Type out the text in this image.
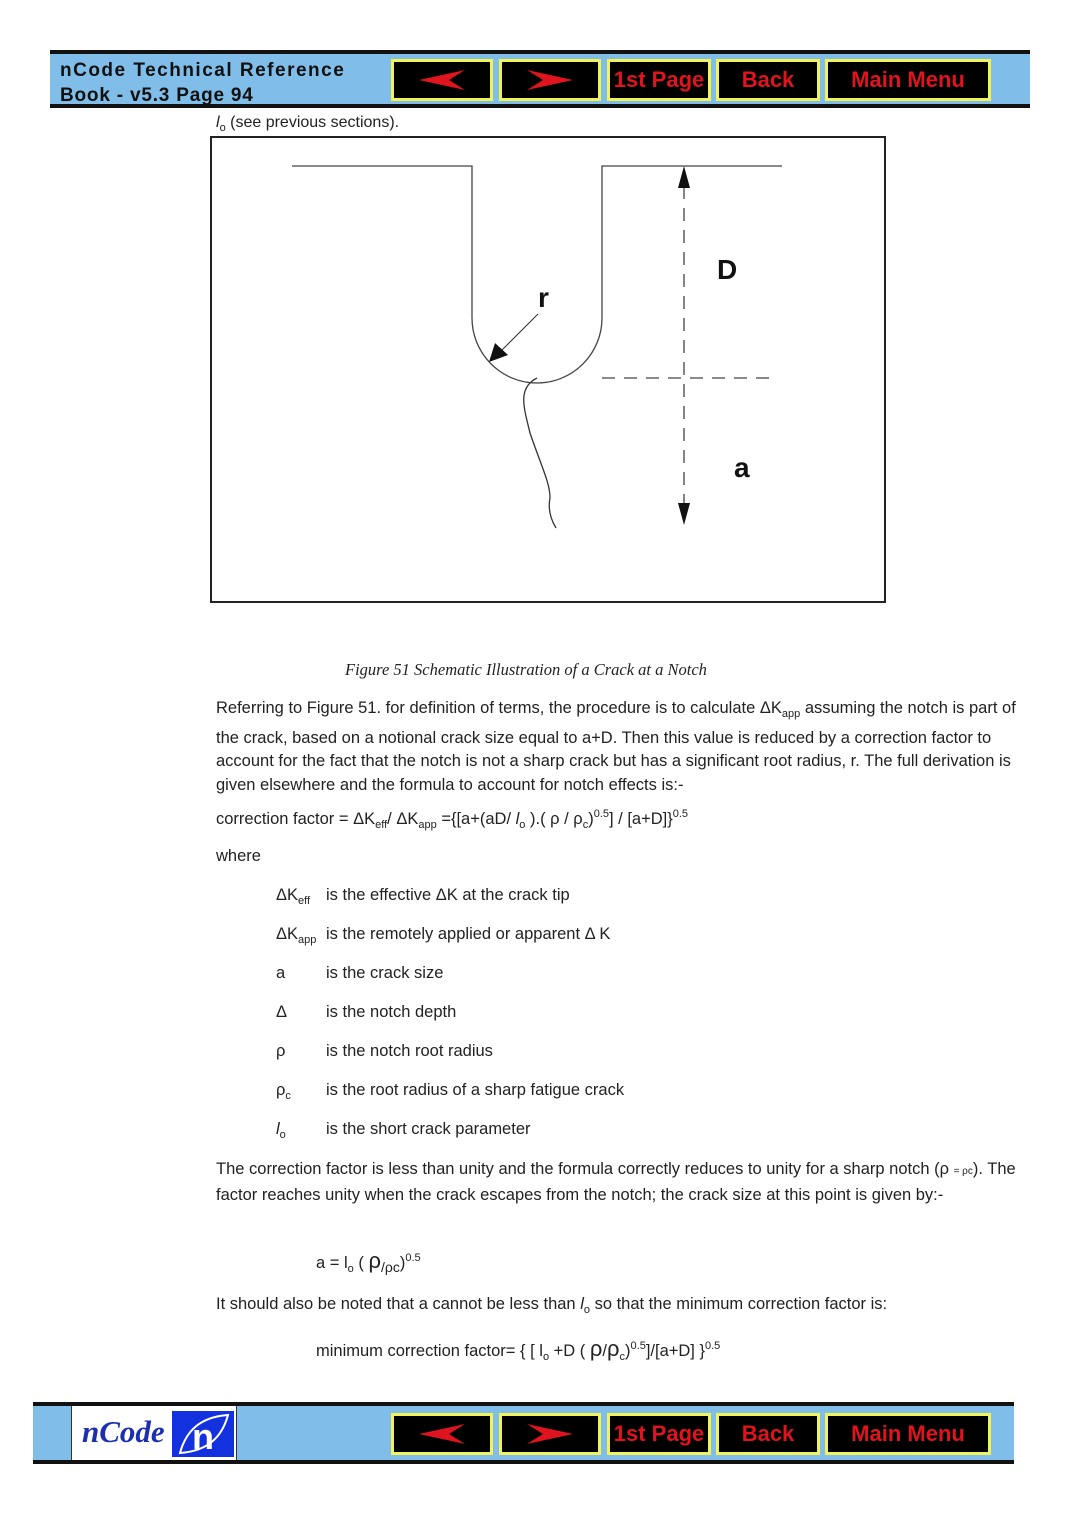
nCode Technical Reference
Book - v5.3 Page 94
1st Page	Back	Main Menu
$l_o$ (see previous sections).
D
r
a
Figure 51 Schematic Illustration of a Crack at a Notch
Referring to Figure 51. for definition of terms, the procedure is to calculate $\Delta K_{app}$ assuming the notch is part of the crack, based on a notional crack size equal to a+D. Then this value is reduced by a correction factor to account for the fact that the notch is not a sharp crack but has a significant root radius, r. The full derivation is given elsewhere and the formula to account for notch effects is:-
correction factor = $\Delta K_{eff}/$ $\Delta K_{app} =\{[a+(aD/$ $l_o$ ).( $\rho / \rho_c)^{0.5}] / [a+D]\}^{0.5}$
where
$\Delta K_{eff}$ is the effective ΔK at the crack tip
$\Delta K_{app}$ is the remotely applied or apparent Δ K
a is the crack size
Δ is the notch depth
ρ is the notch root radius
$\rho_c$ is the root radius of a sharp fatigue crack
$l_o$ is the short crack parameter
The correction factor is less than unity and the formula correctly reduces to unity for a sharp notch (ρ = ρc). The factor reaches unity when the crack escapes from the notch; the crack size at this point is given by:-
$a = l_o$ ( $\rho_{/\rho c})^{0.5}$
It should also be noted that a cannot be less than $l_o$ so that the minimum correction factor is:
minimum correction factor= { [ $l_o +D$ ( $\rho/\rho_c)^{0.5}]/[a+D]$ }$^{0.5}$
nCode n	1st Page	Back	Main Menu
